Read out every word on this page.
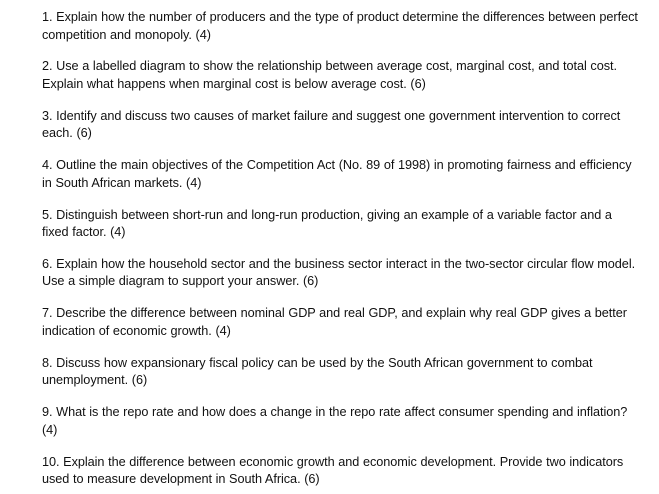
1. Explain how the number of producers and the type of product determine the differences between perfect competition and monopoly. (4)

2. Use a labelled diagram to show the relationship between average cost, marginal cost, and total cost. Explain what happens when marginal cost is below average cost. (6)

3. Identify and discuss two causes of market failure and suggest one government intervention to correct each. (6)

4. Outline the main objectives of the Competition Act (No. 89 of 1998) in promoting fairness and efficiency in South African markets. (4)

5. Distinguish between short-run and long-run production, giving an example of a variable factor and a fixed factor. (4)

6. Explain how the household sector and the business sector interact in the two-sector circular flow model. Use a simple diagram to support your answer. (6)

7. Describe the difference between nominal GDP and real GDP, and explain why real GDP gives a better indication of economic growth. (4)

8. Discuss how expansionary fiscal policy can be used by the South African government to combat unemployment. (6)

9. What is the repo rate and how does a change in the repo rate affect consumer spending and inflation? (4)

10. Explain the difference between economic growth and economic development. Provide two indicators used to measure development in South Africa. (6)
